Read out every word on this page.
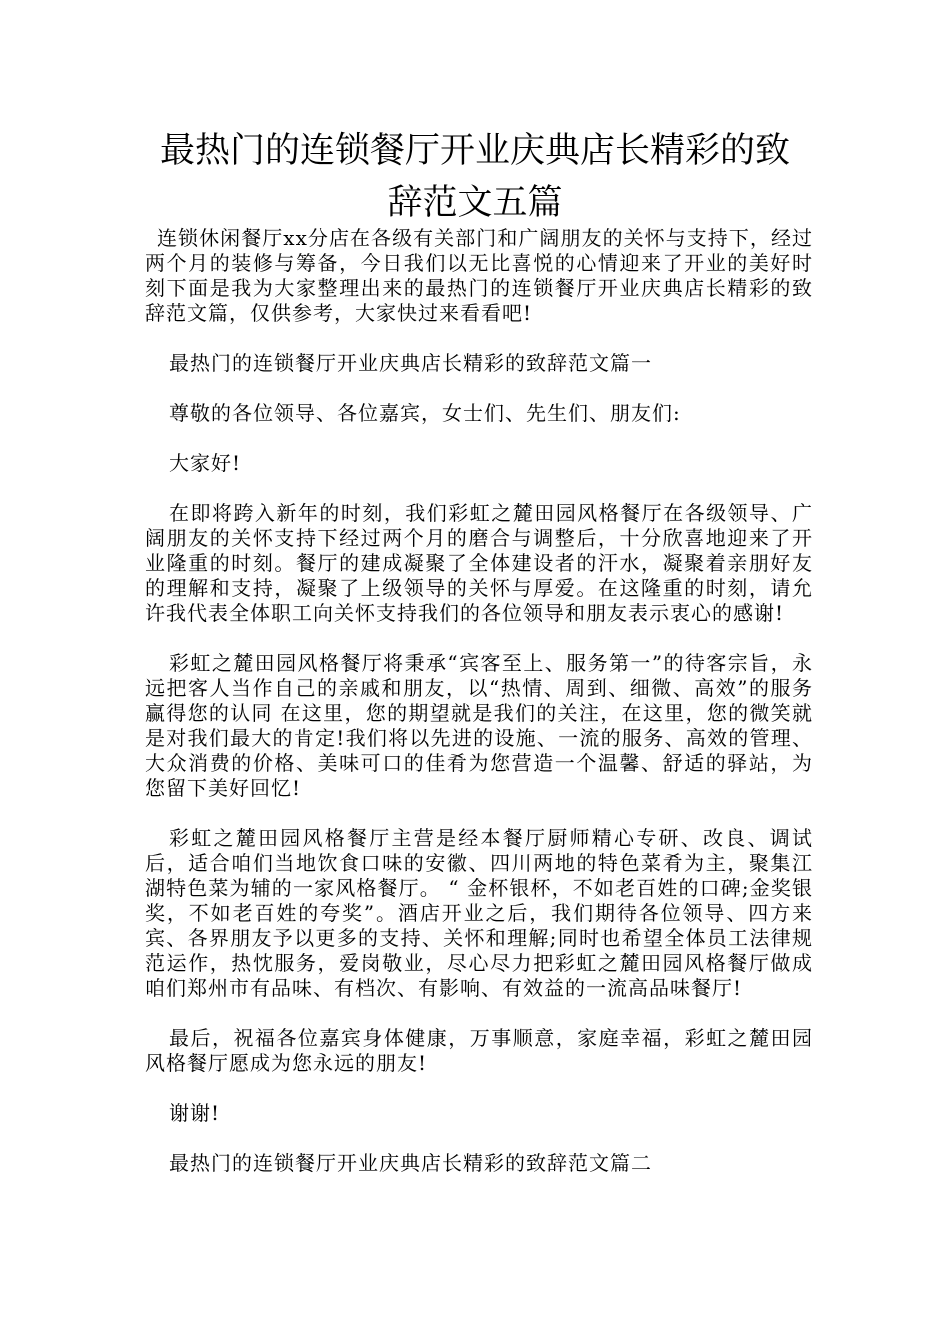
最热门的连锁餐厅开业庆典店长精彩的致
辞范文五篇

连锁休闲餐厅xx分店在各级有关部门和广阔朋友的关怀与支持下，经过两个月的装修与筹备，今日我们以无比喜悦的心情迎来了开业的美好时刻下面是我为大家整理出来的最热门的连锁餐厅开业庆典店长精彩的致辞范文篇，仅供参考，大家快过来看看吧!

最热门的连锁餐厅开业庆典店长精彩的致辞范文篇一

尊敬的各位领导、各位嘉宾，女士们、先生们、朋友们:

大家好!

在即将跨入新年的时刻，我们彩虹之麓田园风格餐厅在各级领导、广阔朋友的关怀支持下经过两个月的磨合与调整后，十分欣喜地迎来了开业隆重的时刻。餐厅的建成凝聚了全体建设者的汗水，凝聚着亲朋好友的理解和支持，凝聚了上级领导的关怀与厚爱。在这隆重的时刻，请允许我代表全体职工向关怀支持我们的各位领导和朋友表示衷心的感谢!

彩虹之麓田园风格餐厅将秉承“宾客至上、服务第一”的待客宗旨，永远把客人当作自己的亲戚和朋友，以“热情、周到、细微、高效”的服务赢得您的认同 在这里，您的期望就是我们的关注，在这里，您的微笑就是对我们最大的肯定!我们将以先进的设施、一流的服务、高效的管理、大众消费的价格、美味可口的佳肴为您营造一个温馨、舒适的驿站，为您留下美好回忆!

彩虹之麓田园风格餐厅主营是经本餐厅厨师精心专研、改良、调试后，适合咱们当地饮食口味的安徽、四川两地的特色菜肴为主，聚集江湖特色菜为辅的一家风格餐厅。 “ 金杯银杯，不如老百姓的口碑;金奖银奖，不如老百姓的夸奖”。酒店开业之后，我们期待各位领导、四方来宾、各界朋友予以更多的支持、关怀和理解;同时也希望全体员工法律规范运作，热忱服务，爱岗敬业，尽心尽力把彩虹之麓田园风格餐厅做成咱们郑州市有品味、有档次、有影响、有效益的一流高品味餐厅!

最后，祝福各位嘉宾身体健康，万事顺意，家庭幸福，彩虹之麓田园风格餐厅愿成为您永远的朋友!

谢谢!

最热门的连锁餐厅开业庆典店长精彩的致辞范文篇二
